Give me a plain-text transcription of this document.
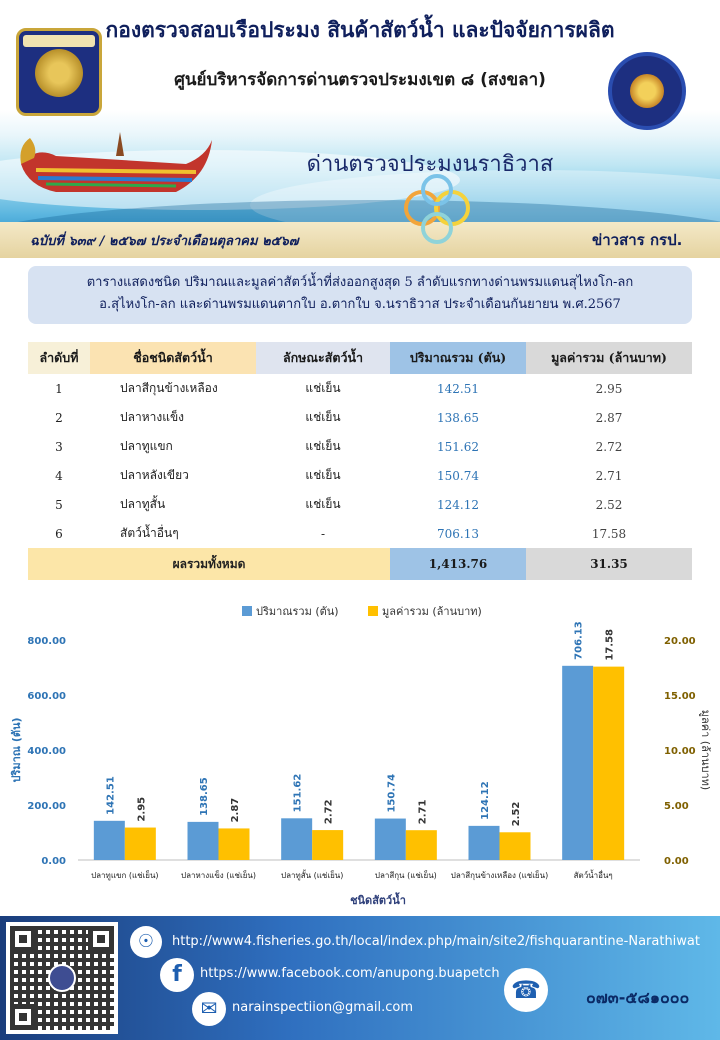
กองตรวจสอบเรือประมง สินค้าสัตว์น้ำ และปัจจัยการผลิต
ศูนย์บริหารจัดการด่านตรวจประมงเขต ๘ (สงขลา)
ด่านตรวจประมงนราธิวาส
ฉบับที่ ๖๓๙ / ๒๕๖๗ ประจำเดือนตุลาคม ๒๕๖๗	ข่าวสาร กรป.
ตารางแสดงชนิด ปริมาณและมูลค่าสัตว์น้ำที่ส่งออกสูงสุด 5 ลำดับแรกทางด่านพรมแดนสุไหงโก-ลก
อ.สุไหงโก-ลก และด่านพรมแดนตากใบ อ.ตากใบ จ.นราธิวาส ประจำเดือนกันยายน พ.ศ.2567
ลำดับที่	ชื่อชนิดสัตว์น้ำ	ลักษณะสัตว์น้ำ	ปริมาณรวม (ตัน)	มูลค่ารวม (ล้านบาท)
1	ปลาสีกุนข้างเหลือง	แช่เย็น	142.51	2.95
2	ปลาหางแข็ง	แช่เย็น	138.65	2.87
3	ปลาทูแขก	แช่เย็น	151.62	2.72
4	ปลาหลังเขียว	แช่เย็น	150.74	2.71
5	ปลาทูสั้น	แช่เย็น	124.12	2.52
6	สัตว์น้ำอื่นๆ	-	706.13	17.58
ผลรวมทั้งหมด			1,413.76	31.35
0.00
200.00
400.00
600.00
800.00
0.00
5.00
10.00
15.00
20.00
ปริมาณ (ตัน)	มูลค่า (ล้านบาท)
ชนิดสัตว์น้ำ
ปริมาณรวม (ตัน)	มูลค่ารวม (ล้านบาท)
142.51 2.95
ปลาทูแขก (แช่เย็น)
138.65 2.87
ปลาหางแข็ง (แช่เย็น)
151.62 2.72
ปลาทูสั้น (แช่เย็น)
150.74 2.71
ปลาสีกุน (แช่เย็น)
124.12 2.52
ปลาสีกุนข้างเหลือง (แช่เย็น)
706.13 17.58
สัตว์น้ำอื่นๆ
☉	http://www4.fisheries.go.th/local/index.php/main/site2/fishquarantine-Narathiwat
f	https://www.facebook.com/anupong.buapetch
✉	narainspectiion@gmail.com
☎	๐๗๓-๕๘๑๐๐๐
